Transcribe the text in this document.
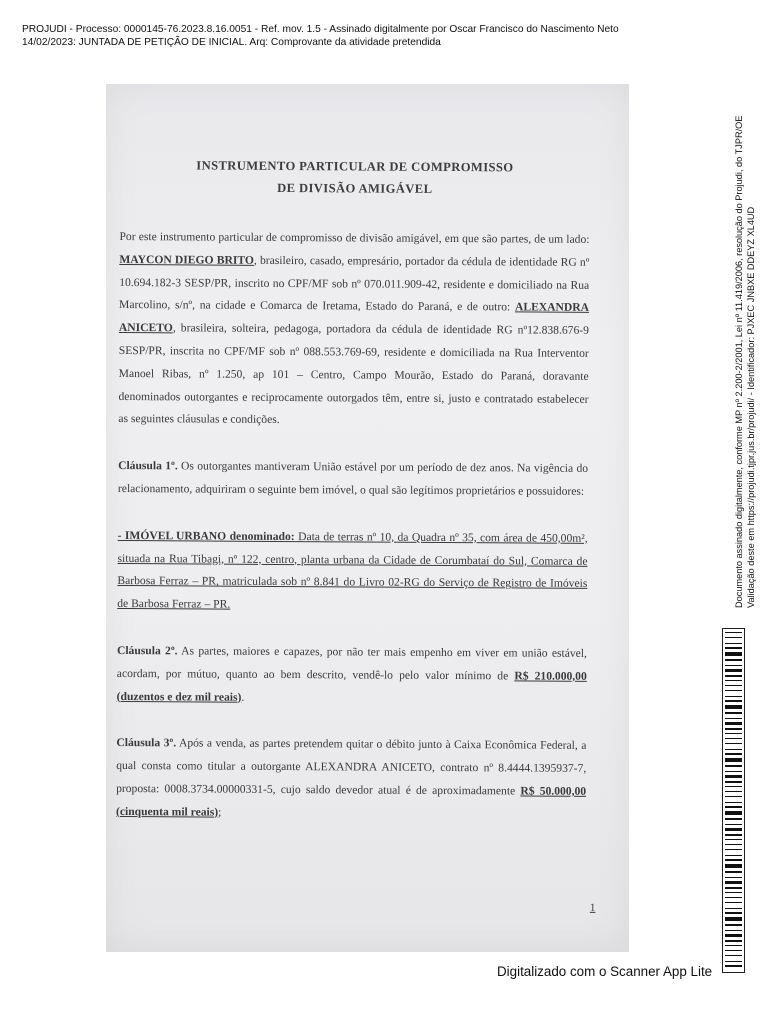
PROJUDI - Processo: 0000145-76.2023.8.16.0051 - Ref. mov. 1.5 - Assinado digitalmente por Oscar Francisco do Nascimento Neto
14/02/2023: JUNTADA DE PETIÇÃO DE INICIAL. Arq: Comprovante da atividade pretendida
INSTRUMENTO PARTICULAR DE COMPROMISSO
DE DIVISÃO AMIGÁVEL

Por este instrumento particular de compromisso de divisão amigável, em que são partes, de um lado: MAYCON DIEGO BRITO, brasileiro, casado, empresário, portador da cédula de identidade RG nº 10.694.182-3 SESP/PR, inscrito no CPF/MF sob nº 070.011.909-42, residente e domiciliado na Rua Marcolino, s/nº, na cidade e Comarca de Iretama, Estado do Paraná, e de outro: ALEXANDRA ANICETO, brasileira, solteira, pedagoga, portadora da cédula de identidade RG nº12.838.676-9 SESP/PR, inscrita no CPF/MF sob nº 088.553.769-69, residente e domiciliada na Rua Interventor Manoel Ribas, nº 1.250, ap 101 – Centro, Campo Mourão, Estado do Paraná, doravante denominados outorgantes e reciprocamente outorgados têm, entre si, justo e contratado estabelecer as seguintes cláusulas e condições.

Cláusula 1º. Os outorgantes mantiveram União estável por um período de dez anos. Na vigência do relacionamento, adquiriram o seguinte bem imóvel, o qual são legítimos proprietários e possuidores:

- IMÓVEL URBANO denominado: Data de terras nº 10, da Quadra nº 35, com área de 450,00m², situada na Rua Tibagi, nº 122, centro, planta urbana da Cidade de Corumbataí do Sul, Comarca de Barbosa Ferraz – PR, matriculada sob nº 8.841 do Livro 02-RG do Serviço de Registro de Imóveis de Barbosa Ferraz – PR.

Cláusula 2º. As partes, maiores e capazes, por não ter mais empenho em viver em união estável, acordam, por mútuo, quanto ao bem descrito, vendê-lo pelo valor mínimo de R$ 210.000,00 (duzentos e dez mil reais).

Cláusula 3º. Após a venda, as partes pretendem quitar o débito junto à Caixa Econômica Federal, a qual consta como titular a outorgante ALEXANDRA ANICETO, contrato nº 8.4444.1395937-7, proposta: 0008.3734.00000331-5, cujo saldo devedor atual é de aproximadamente R$ 50.000,00 (cinquenta mil reais);

1
Documento assinado digitalmente, conforme MP nº 2.200-2/2001, Lei nº 11.419/2006, resolução do Projudi, do TJPR/OE Validação deste em https://projudi.tjpr.jus.br/projudi/ - Identificador: PJXEC JNBXE DDEYZ XL4UD
Digitalizado com o Scanner App Lite
